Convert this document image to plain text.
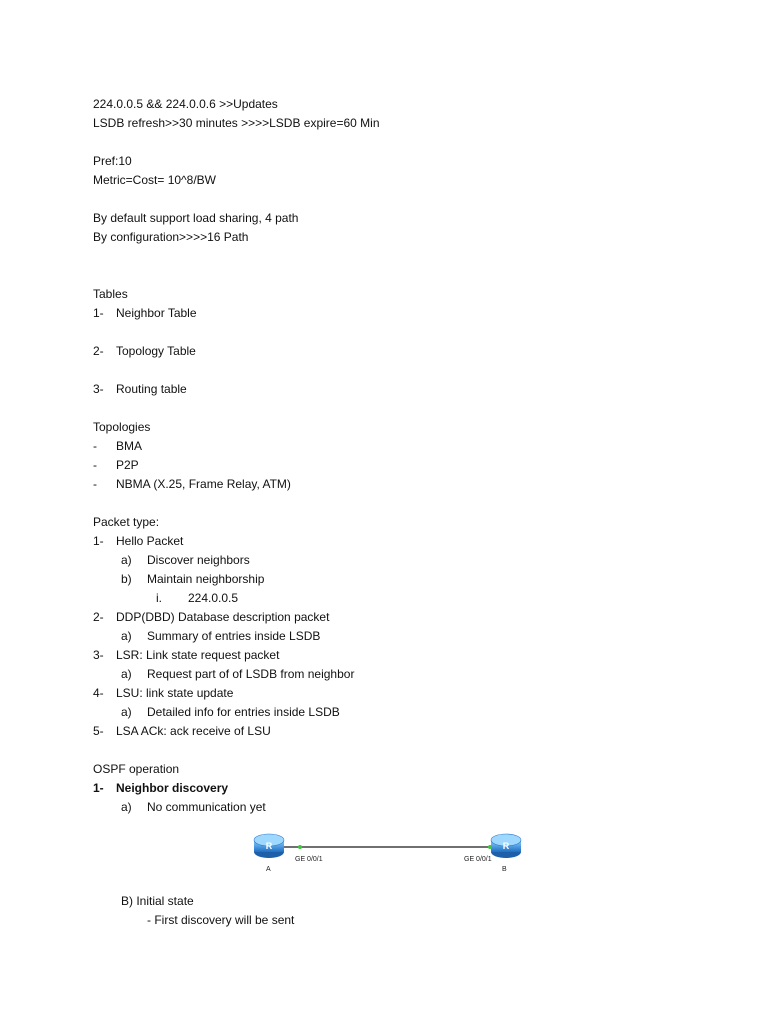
224.0.0.5 && 224.0.0.6 >>Updates
LSDB refresh>>30 minutes >>>>LSDB expire=60 Min
Pref:10
Metric=Cost= 10^8/BW
By default support load sharing, 4 path
By configuration>>>>16 Path
Tables
1- Neighbor Table
2- Topology Table
3- Routing table
Topologies
- BMA
- P2P
- NBMA (X.25, Frame Relay, ATM)
Packet type:
1- Hello Packet
a) Discover neighbors
b) Maintain neighborship
i. 224.0.0.5
2- DDP(DBD) Database description packet
a) Summary of entries inside LSDB
3- LSR: Link state request packet
a) Request part of of LSDB from neighbor
4- LSU: link state update
a) Detailed info for entries inside LSDB
5- LSA ACk: ack receive of LSU
OSPF operation
1- Neighbor discovery
a) No communication yet
R	R
GE 0/0/1	GE 0/0/1
A	B
B) Initial state
- First discovery will be sent
